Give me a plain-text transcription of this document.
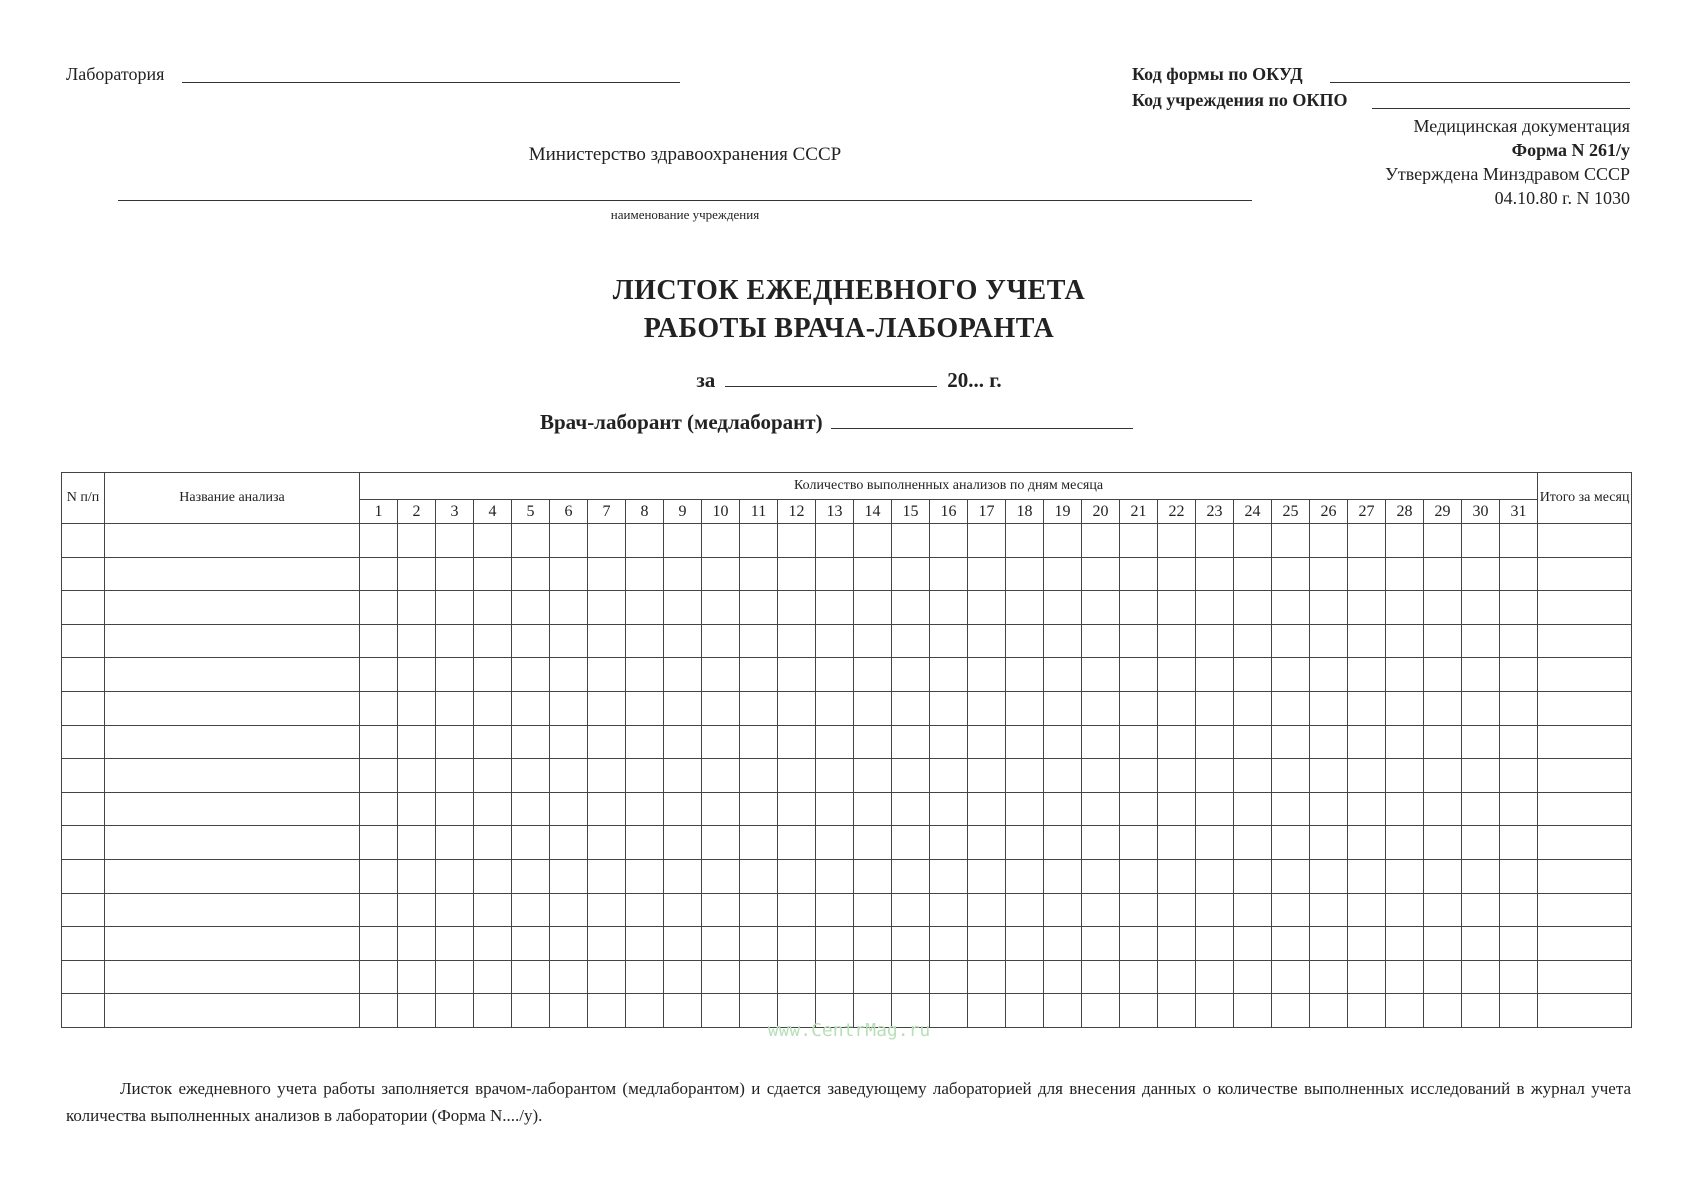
Лаборатория	Код формы по ОКУД
Код учреждения по ОКПО
Медицинская документация
Форма N 261/у
Утверждена Минздравом СССР
04.10.80 г. N 1030
Министерство здравоохранения СССР
наименование учреждения
ЛИСТОК ЕЖЕДНЕВНОГО УЧЕТА
РАБОТЫ ВРАЧА-ЛАБОРАНТА
за	20... г.
Врач-лаборант (медлаборант)
N п/п	Название анализа	Количество выполненных анализов по дням месяца																															Итого за месяц
		1	2	3	4	5	6	7	8	9	10	11	12	13	14	15	16	17	18	19	20	21	22	23	24	25	26	27	28	29	30	31	

www.CentrMag.ru
Листок ежедневного учета работы заполняется врачом-лаборантом (медлаборантом) и сдается заведующему лабораторией для внесения данных о количестве выполненных исследований в журнал учета количества выполненных анализов в лаборатории (Форма N..../у).
